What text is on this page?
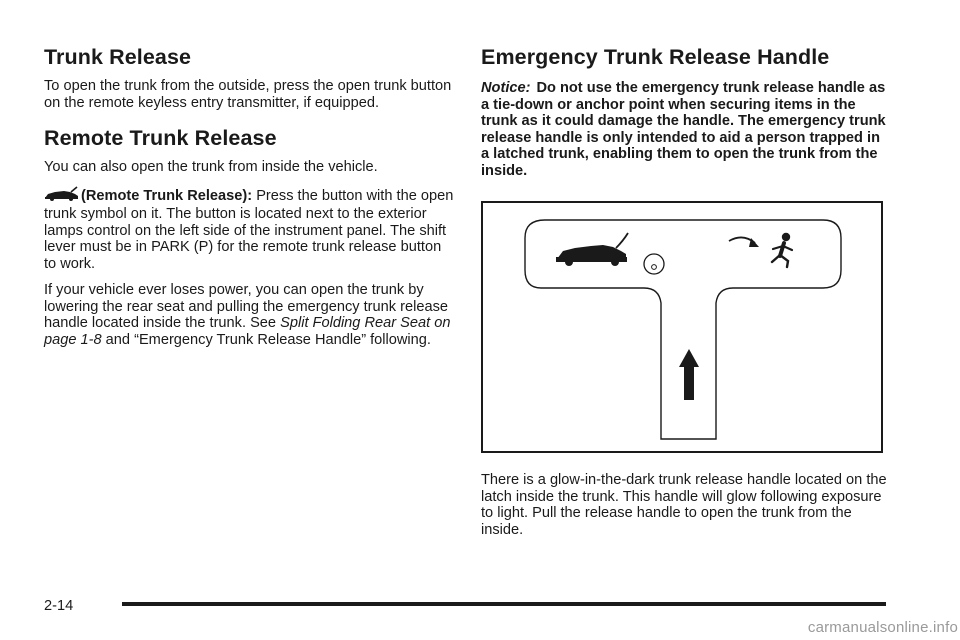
Trunk Release

To open the trunk from the outside, press the open trunk button on the remote keyless entry transmitter, if equipped.

Remote Trunk Release

You can also open the trunk from inside the vehicle.

(Remote Trunk Release): Press the button with the open trunk symbol on it. The button is located next to the exterior lamps control on the left side of the instrument panel. The shift lever must be in PARK (P) for the remote trunk release button to work.

If your vehicle ever loses power, you can open the trunk by lowering the rear seat and pulling the emergency trunk release handle located inside the trunk. See Split Folding Rear Seat on page 1-8 and “Emergency Trunk Release Handle” following.

Emergency Trunk Release Handle

Notice: Do not use the emergency trunk release handle as a tie-down or anchor point when securing items in the trunk as it could damage the handle. The emergency trunk release handle is only intended to aid a person trapped in a latched trunk, enabling them to open the trunk from the inside.

There is a glow-in-the-dark trunk release handle located on the latch inside the trunk. This handle will glow following exposure to light. Pull the release handle to open the trunk from the inside.

2-14
carmanualsonline.info
